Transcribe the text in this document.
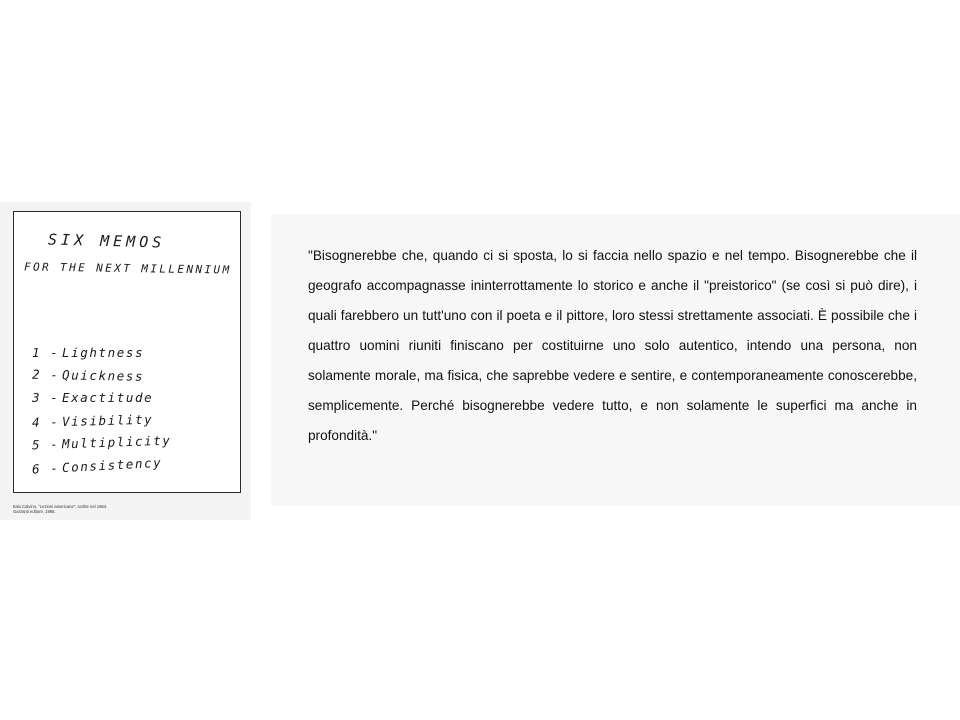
SIX MEMOS
FOR THE NEXT MILLENNIUM
1 - Lightness
2 - Quickness
3 - Exactitude
4 - Visibility
5 - Multiplicity
6 - Consistency
Italo Calvino, "Lezioni americane", scritte nel 1984.
Garzanti editore, 1988.

"Bisognerebbe che, quando ci si sposta, lo si faccia nello spazio e nel tempo. Bisognerebbe che il geografo accompagnasse ininterrottamente lo storico e anche il "preistorico" (se così si può dire), i quali farebbero un tutt'uno con il poeta e il pittore, loro stessi strettamente associati. È possibile che i quattro uomini riuniti finiscano per costituirne uno solo autentico, intendo una persona, non solamente morale, ma fisica, che saprebbe vedere e sentire, e contemporaneamente conoscerebbe, semplicemente. Perché bisognerebbe vedere tutto, e non solamente le superfici ma anche in profondità."
